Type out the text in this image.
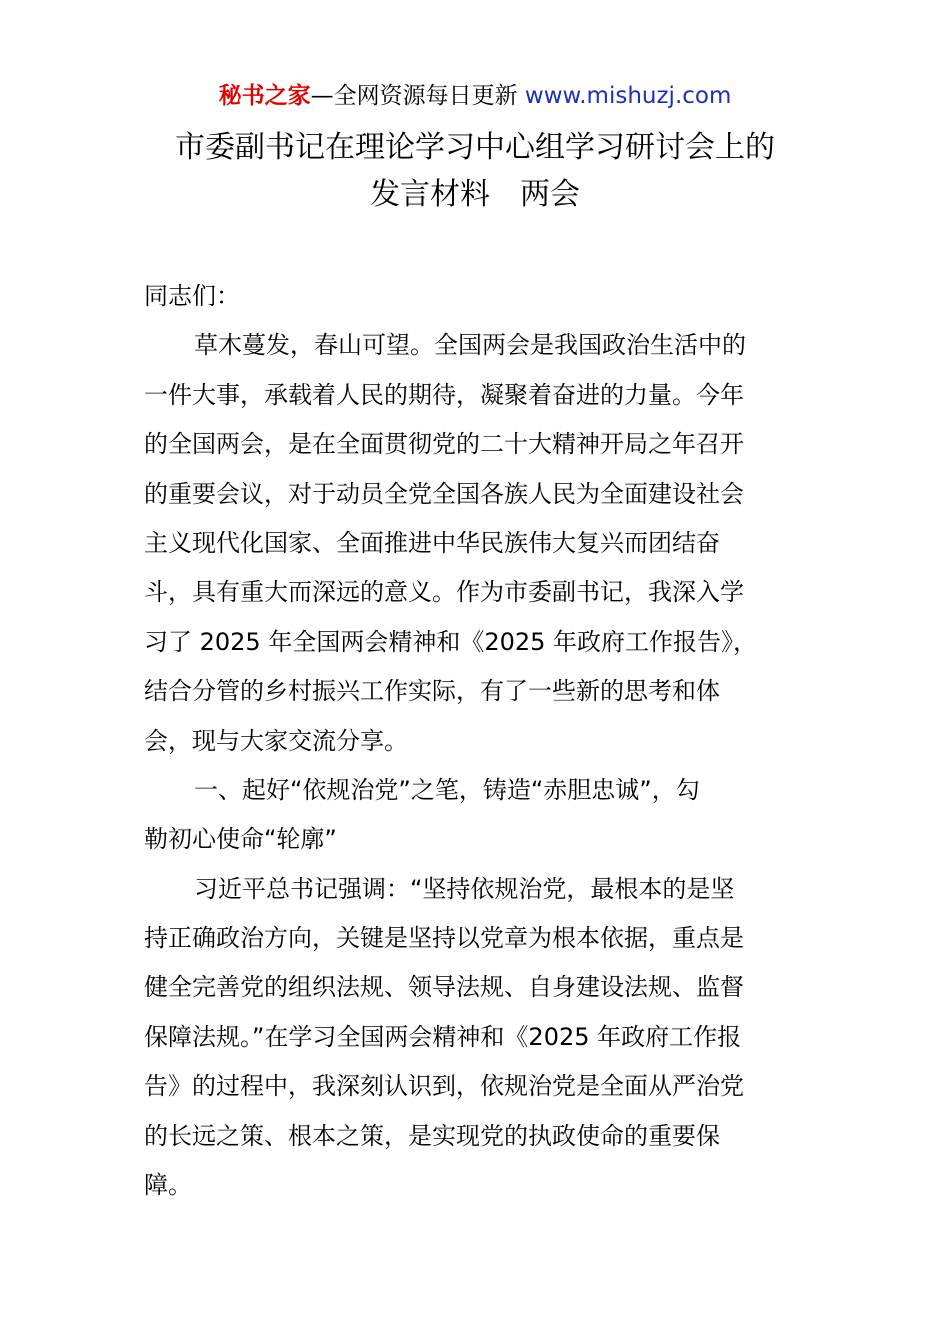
秘书之家—全网资源每日更新 www.mishuzj.com
市委副书记在理论学习中心组学习研讨会上的
发言材料 两会
同志们：
草木蔓发，春山可望。全国两会是我国政治生活中的
一件大事，承载着人民的期待，凝聚着奋进的力量。今年
的全国两会，是在全面贯彻党的二十大精神开局之年召开
的重要会议，对于动员全党全国各族人民为全面建设社会
主义现代化国家、全面推进中华民族伟大复兴而团结奋
斗，具有重大而深远的意义。作为市委副书记，我深入学
习了 2025 年全国两会精神和《2025 年政府工作报告》，
结合分管的乡村振兴工作实际，有了一些新的思考和体
会，现与大家交流分享。
一、起好“依规治党”之笔，铸造“赤胆忠诚”，勾
勒初心使命“轮廓”
习近平总书记强调：“坚持依规治党，最根本的是坚
持正确政治方向，关键是坚持以党章为根本依据，重点是
健全完善党的组织法规、领导法规、自身建设法规、监督
保障法规。”在学习全国两会精神和《2025 年政府工作报
告》的过程中，我深刻认识到，依规治党是全面从严治党
的长远之策、根本之策，是实现党的执政使命的重要保
障。
